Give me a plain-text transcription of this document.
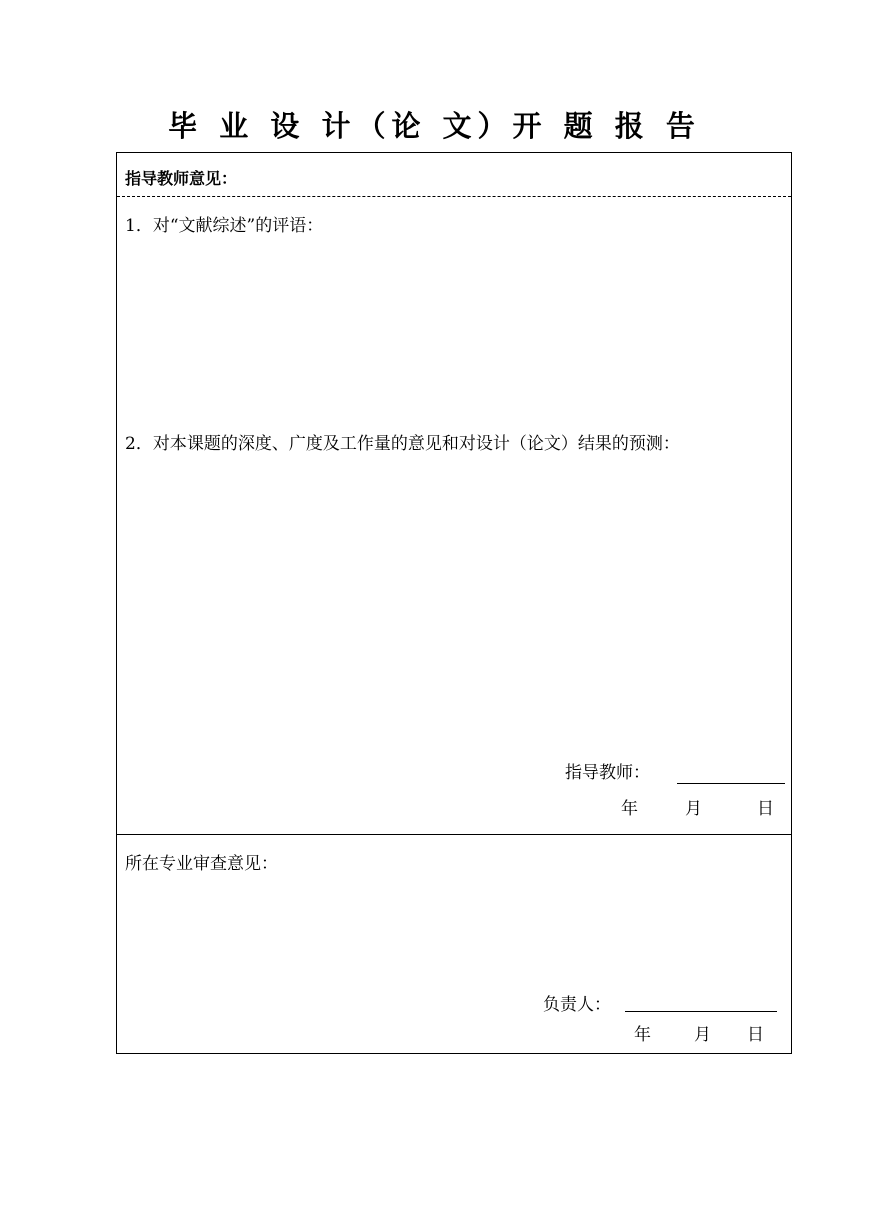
毕 业 设 计（论 文）开 题 报 告
指导教师意见：
1．对“文献综述”的评语：
2．对本课题的深度、广度及工作量的意见和对设计（论文）结果的预测：
指导教师：
年	月	日
所在专业审查意见：
负责人：
年	月 日
